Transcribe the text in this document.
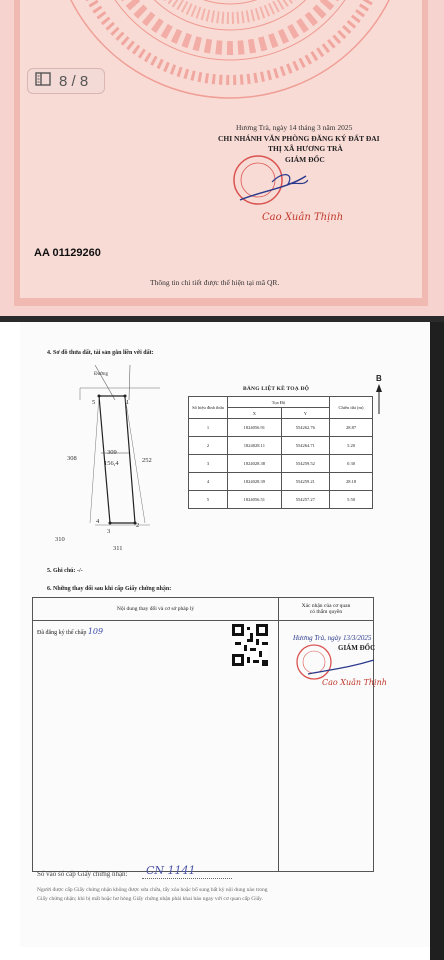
8 / 8
Hương Trà, ngày 14 tháng 3 năm 2025
CHI NHÁNH VĂN PHÒNG ĐĂNG KÝ ĐẤT ĐAI
THỊ XÃ HƯƠNG TRÀ
GIÁM ĐỐC
Cao Xuân Thịnh
AA 01129260
Thông tin chi tiết được thể hiện tại mã QR.
4. Sơ đồ thửa đất, tài sản gắn liền với đất:
Đường
5	1
4
3
2
309
156,4
308	252
310
311
B
BẢNG LIỆT KÊ TOẠ ĐỘ
Số hiệu đỉnh thửa	Tọa Độ		Chiều dài (m)
	X	Y	
1	1824056.91	554262.76	28.87
2	1824028.11	554264.71	5.20
3	1824028.38	554259.52	0.30
4	1824028.39	554259.21	28.18
5	1824056.51	554257.27	5.50
5. Ghi chú: -/-
6. Những thay đổi sau khi cấp Giấy chứng nhận:
Nội dung thay đổi và cơ sở pháp lý	Xác nhận của cơ quan
có thẩm quyền

Đã đăng ký thế chấp 109	

Hương Trà, ngày 13/3/2025
GIÁM ĐỐC
Cao Xuân Thịnh
Số vào sổ cấp Giấy chứng nhận: CN 1141
Người được cấp Giấy chứng nhận không được sửa chữa, tẩy xóa hoặc bổ sung bất kỳ nội dung nào trong
Giấy chứng nhận; khi bị mất hoặc hư hỏng Giấy chứng nhận phải khai báo ngay với cơ quan cấp Giấy.
